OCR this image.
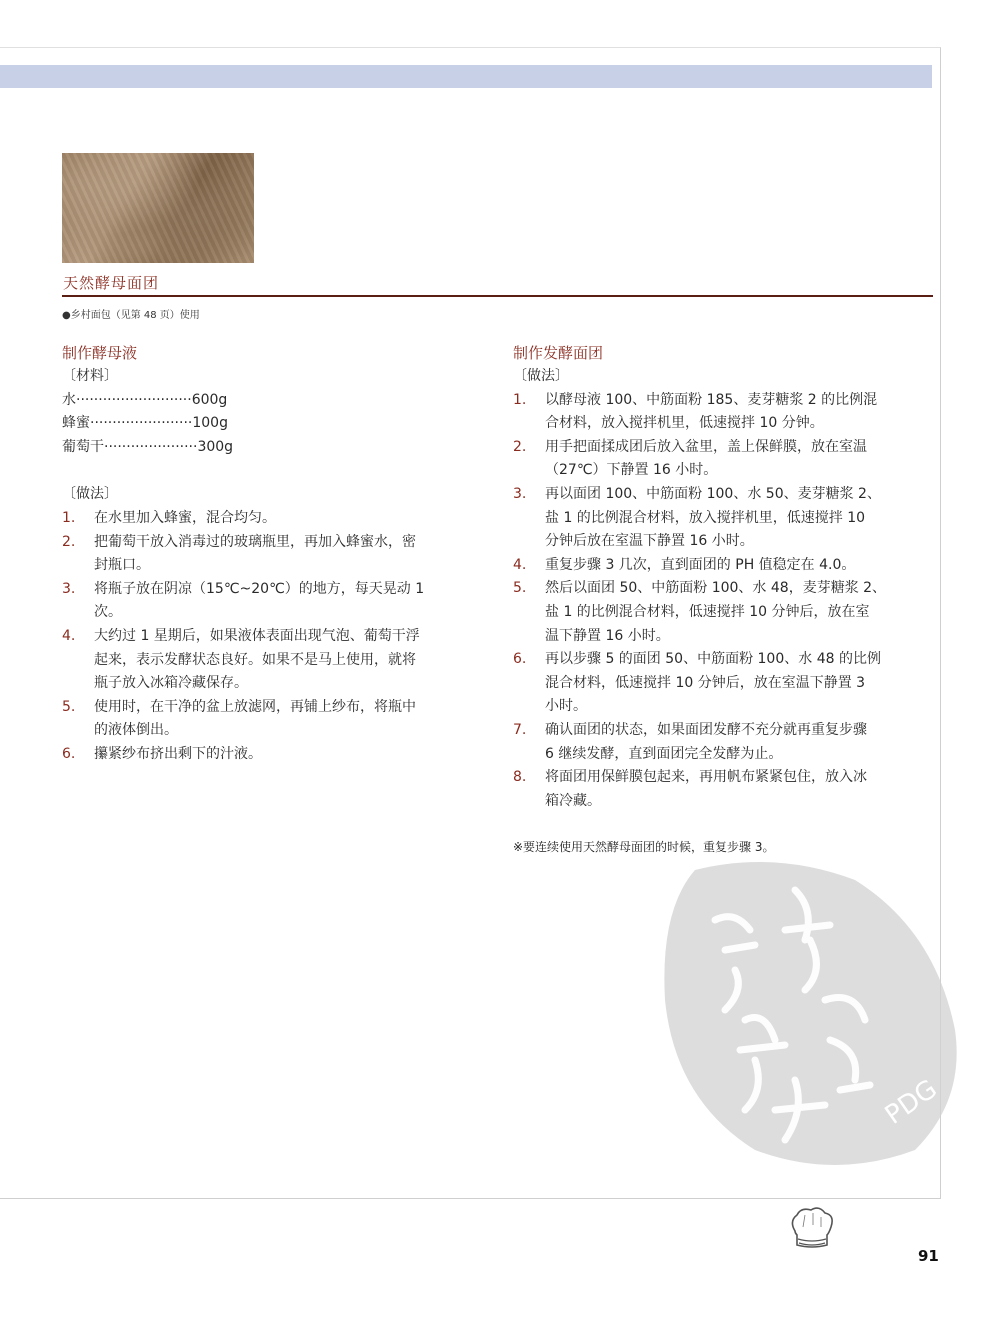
天然酵母面团
●乡村面包（见第 48 页）使用
制作酵母液
〔材料〕
水··························600g
蜂蜜·······················100g
葡萄干·····················300g
〔做法〕
1.	在水里加入蜂蜜，混合均匀。
2.	把葡萄干放入消毒过的玻璃瓶里，再加入蜂蜜水，密
封瓶口。
3.	将瓶子放在阴凉（15℃~20℃）的地方，每天晃动 1
次。
4.	大约过 1 星期后，如果液体表面出现气泡、葡萄干浮
起来，表示发酵状态良好。如果不是马上使用，就将
瓶子放入冰箱冷藏保存。
5.	使用时，在干净的盆上放滤网，再铺上纱布，将瓶中
的液体倒出。
6.	攥紧纱布挤出剩下的汁液。
制作发酵面团
〔做法〕
1.	以酵母液 100、中筋面粉 185、麦芽糖浆 2 的比例混
合材料，放入搅拌机里，低速搅拌 10 分钟。
2.	用手把面揉成团后放入盆里，盖上保鲜膜，放在室温
（27℃）下静置 16 小时。
3.	再以面团 100、中筋面粉 100、水 50、麦芽糖浆 2、
盐 1 的比例混合材料，放入搅拌机里，低速搅拌 10
分钟后放在室温下静置 16 小时。
4.	重复步骤 3 几次，直到面团的 PH 值稳定在 4.0。
5.	然后以面团 50、中筋面粉 100、水 48，麦芽糖浆 2、
盐 1 的比例混合材料，低速搅拌 10 分钟后，放在室
温下静置 16 小时。
6.	再以步骤 5 的面团 50、中筋面粉 100、水 48 的比例
混合材料，低速搅拌 10 分钟后，放在室温下静置 3
小时。
7.	确认面团的状态，如果面团发酵不充分就再重复步骤
6 继续发酵，直到面团完全发酵为止。
8.	将面团用保鲜膜包起来，再用帆布紧紧包住，放入冰
箱冷藏。
※要连续使用天然酵母面团的时候，重复步骤 3。
PDG
91
